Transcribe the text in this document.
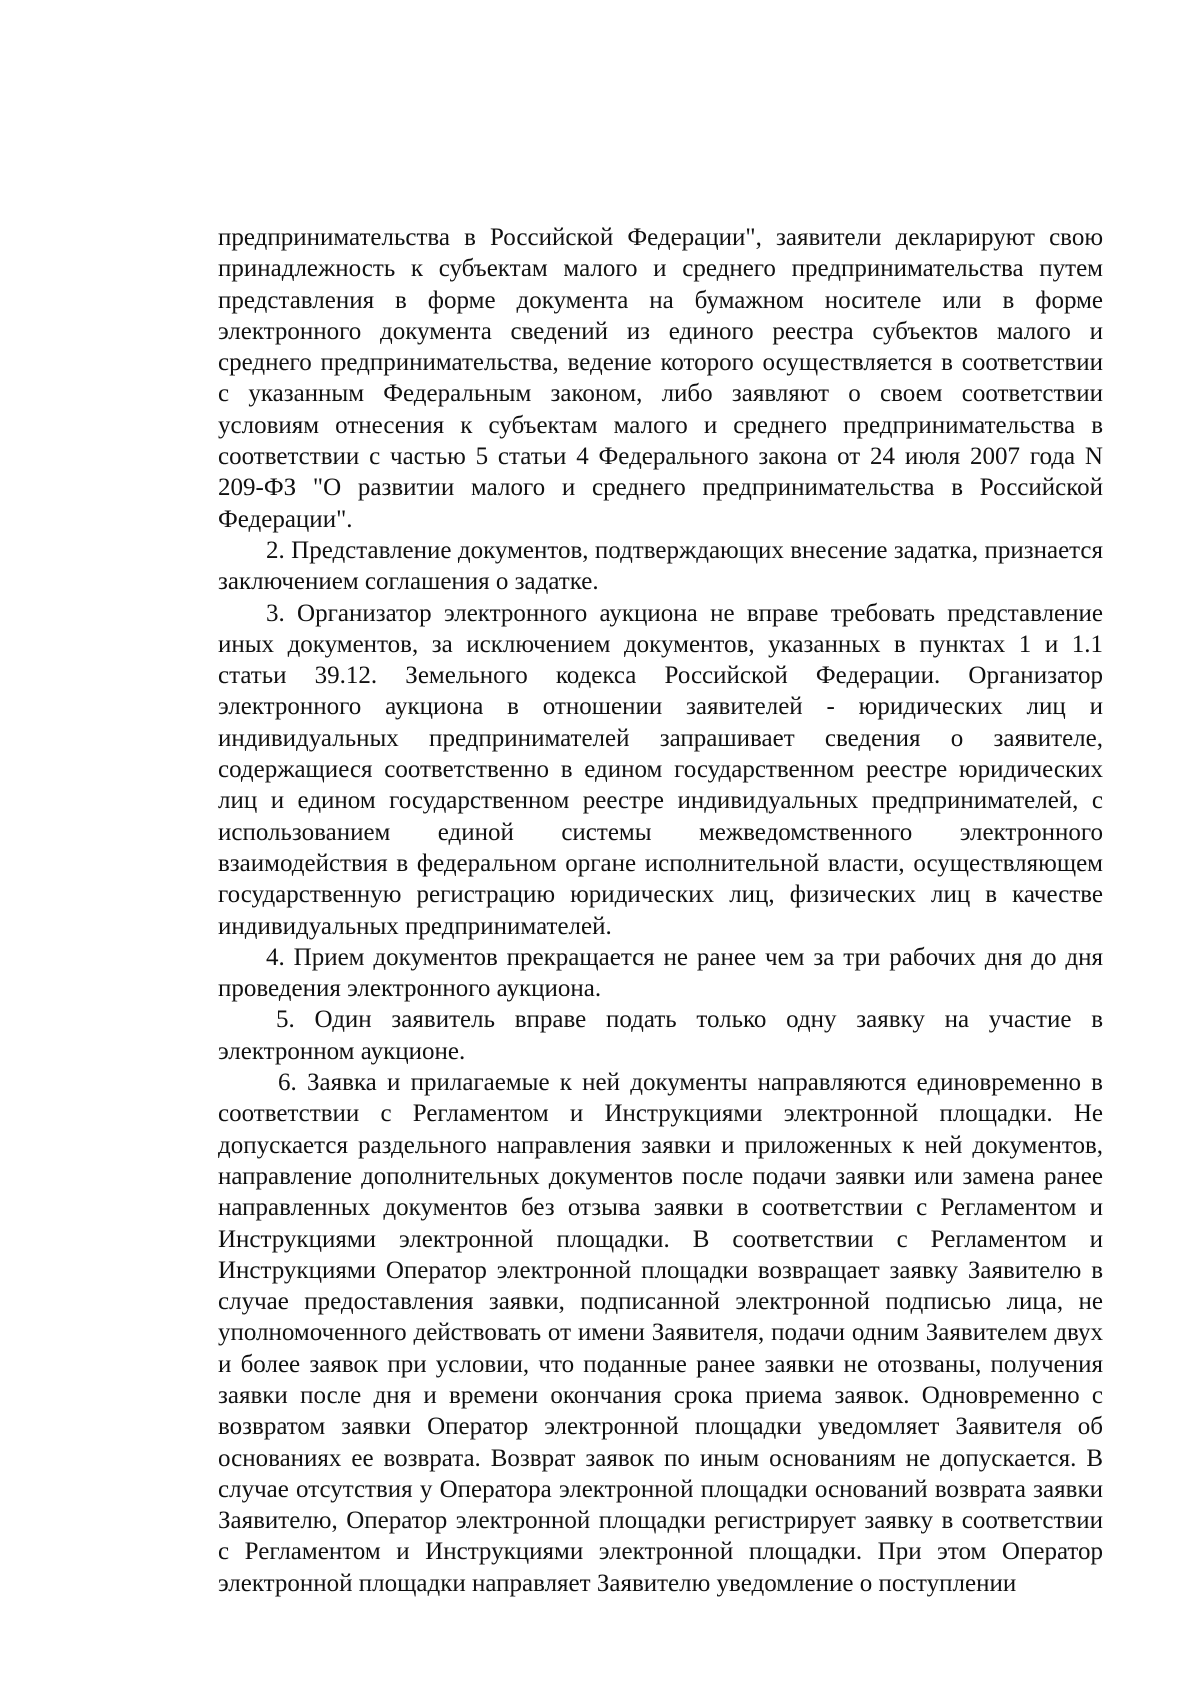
предпринимательства в Российской Федерации", заявители декларируют свою принадлежность к субъектам малого и среднего предпринимательства путем представления в форме документа на бумажном носителе или в форме электронного документа сведений из единого реестра субъектов малого и среднего предпринимательства, ведение которого осуществляется в соответствии с указанным Федеральным законом, либо заявляют о своем соответствии условиям отнесения к субъектам малого и среднего предпринимательства в соответствии с частью 5 статьи 4 Федерального закона от 24 июля 2007 года N 209-ФЗ "О развитии малого и среднего предпринимательства в Российской Федерации".

2. Представление документов, подтверждающих внесение задатка, признается заключением соглашения о задатке.

3. Организатор электронного аукциона не вправе требовать представление иных документов, за исключением документов, указанных в пунктах 1 и 1.1 статьи 39.12. Земельного кодекса Российской Федерации. Организатор электронного аукциона в отношении заявителей - юридических лиц и индивидуальных предпринимателей запрашивает сведения о заявителе, содержащиеся соответственно в едином государственном реестре юридических лиц и едином государственном реестре индивидуальных предпринимателей, с использованием единой системы межведомственного электронного взаимодействия в федеральном органе исполнительной власти, осуществляющем государственную регистрацию юридических лиц, физических лиц в качестве индивидуальных предпринимателей.

4. Прием документов прекращается не ранее чем за три рабочих дня до дня проведения электронного аукциона.

5. Один заявитель вправе подать только одну заявку на участие в электронном аукционе.

6. Заявка и прилагаемые к ней документы направляются единовременно в соответствии с Регламентом и Инструкциями электронной площадки. Не допускается раздельного направления заявки и приложенных к ней документов, направление дополнительных документов после подачи заявки или замена ранее направленных документов без отзыва заявки в соответствии с Регламентом и Инструкциями электронной площадки. В соответствии с Регламентом и Инструкциями Оператор электронной площадки возвращает заявку Заявителю в случае предоставления заявки, подписанной электронной подписью лица, не уполномоченного действовать от имени Заявителя, подачи одним Заявителем двух и более заявок при условии, что поданные ранее заявки не отозваны, получения заявки после дня и времени окончания срока приема заявок. Одновременно с возвратом заявки Оператор электронной площадки уведомляет Заявителя об основаниях ее возврата. Возврат заявок по иным основаниям не допускается. В случае отсутствия у Оператора электронной площадки оснований возврата заявки Заявителю, Оператор электронной площадки регистрирует заявку в соответствии с Регламентом и Инструкциями электронной площадки. При этом Оператор электронной площадки направляет Заявителю уведомление о поступлении
